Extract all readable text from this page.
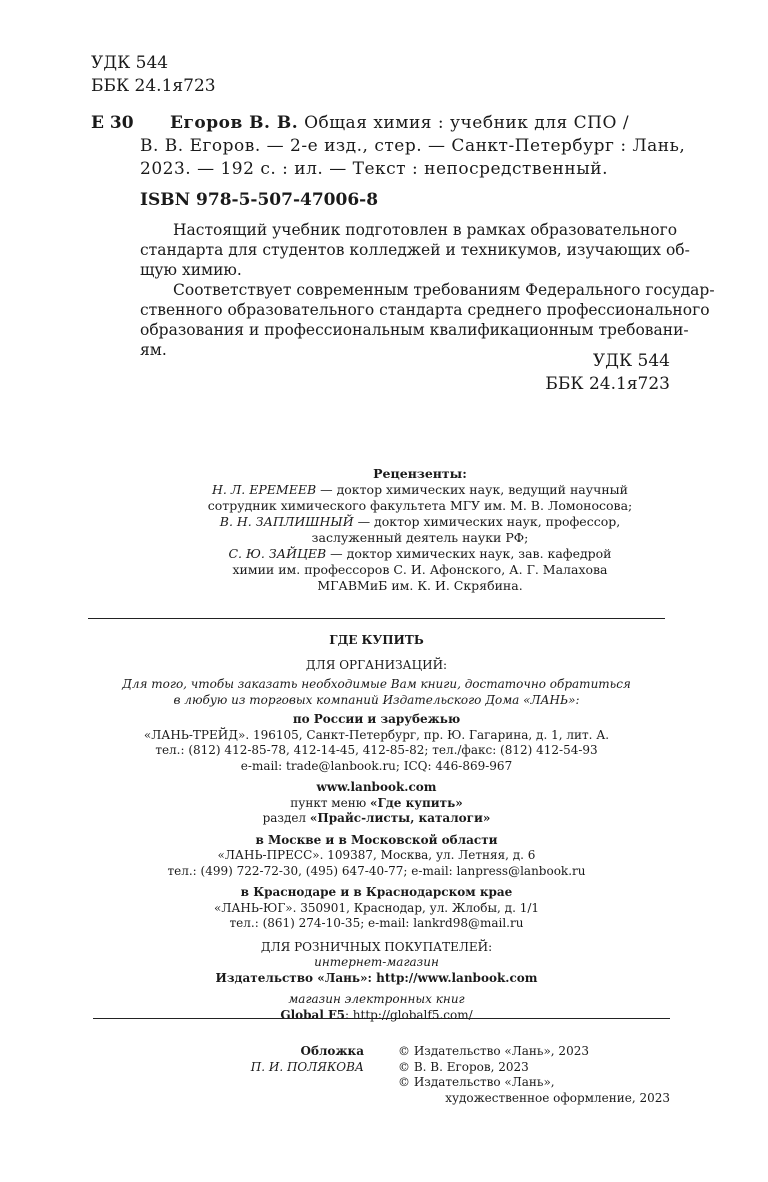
УДК 544
ББК 24.1я723
Е 30 Егоров В. В. Общая химия : учебник для СПО /
В. В. Егоров. — 2-е изд., стер. — Санкт-Петербург : Лань,
2023. — 192 с. : ил. — Текст : непосредственный.
ISBN 978-5-507-47006-8
Настоящий учебник подготовлен в рамках образовательного
стандарта для студентов колледжей и техникумов, изучающих об-
щую химию.
Соответствует современным требованиям Федерального государ-
ственного образовательного стандарта среднего профессионального
образования и профессиональным квалификационным требовани-
ям.
УДК 544
ББК 24.1я723
Рецензенты:
Н. Л. ЕРЕМЕЕВ — доктор химических наук, ведущий научный
сотрудник химического факультета МГУ им. М. В. Ломоносова;
В. Н. ЗАПЛИШНЫЙ — доктор химических наук, профессор,
заслуженный деятель науки РФ;
С. Ю. ЗАЙЦЕВ — доктор химических наук, зав. кафедрой
химии им. профессоров С. И. Афонского, А. Г. Малахова
МГАВМиБ им. К. И. Скрябина.
ГДЕ КУПИТЬ
ДЛЯ ОРГАНИЗАЦИЙ:
Для того, чтобы заказать необходимые Вам книги, достаточно обратиться
в любую из торговых компаний Издательского Дома «ЛАНЬ»:
по России и зарубежью
«ЛАНЬ-ТРЕЙД». 196105, Санкт-Петербург, пр. Ю. Гагарина, д. 1, лит. А.
тел.: (812) 412-85-78, 412-14-45, 412-85-82; тел./факс: (812) 412-54-93
e-mail: trade@lanbook.ru; ICQ: 446-869-967
www.lanbook.com
пункт меню «Где купить»
раздел «Прайс-листы, каталоги»
в Москве и в Московской области
«ЛАНЬ-ПРЕСС». 109387, Москва, ул. Летняя, д. 6
тел.: (499) 722-72-30, (495) 647-40-77; e-mail: lanpress@lanbook.ru
в Краснодаре и в Краснодарском крае
«ЛАНЬ-ЮГ». 350901, Краснодар, ул. Жлобы, д. 1/1
тел.: (861) 274-10-35; e-mail: lankrd98@mail.ru
ДЛЯ РОЗНИЧНЫХ ПОКУПАТЕЛЕЙ:
интернет-магазин
Издательство «Лань»: http://www.lanbook.com
магазин электронных книг
Global F5: http://globalf5.com/
Обложка
П. И. ПОЛЯКОВА
© Издательство «Лань», 2023
© В. В. Егоров, 2023
© Издательство «Лань»,
художественное оформление, 2023
